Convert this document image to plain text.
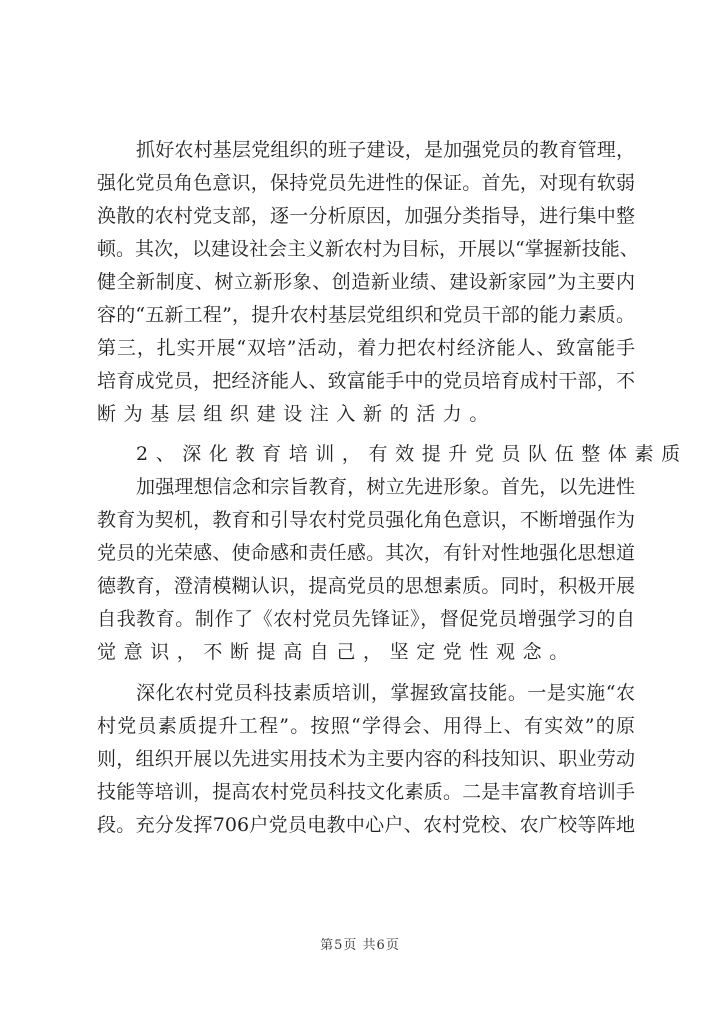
抓好农村基层党组织的班子建设，是加强党员的教育管理，
强化党员角色意识，保持党员先进性的保证。首先，对现有软弱
涣散的农村党支部，逐一分析原因，加强分类指导，进行集中整
顿。其次，以建设社会主义新农村为目标，开展以“掌握新技能、
健全新制度、树立新形象、创造新业绩、建设新家园”为主要内
容的“五新工程”，提升农村基层党组织和党员干部的能力素质。
第三，扎实开展“双培”活动，着力把农村经济能人、致富能手
培育成党员，把经济能人、致富能手中的党员培育成村干部，不
断为基层组织建设注入新的活力。
2、深化教育培训，有效提升党员队伍整体素质
加强理想信念和宗旨教育，树立先进形象。首先，以先进性
教育为契机，教育和引导农村党员强化角色意识，不断增强作为
党员的光荣感、使命感和责任感。其次，有针对性地强化思想道
德教育，澄清模糊认识，提高党员的思想素质。同时，积极开展
自我教育。制作了《农村党员先锋证》，督促党员增强学习的自
觉意识，不断提高自己，坚定党性观念。
深化农村党员科技素质培训，掌握致富技能。一是实施“农
村党员素质提升工程”。按照“学得会、用得上、有实效”的原
则，组织开展以先进实用技术为主要内容的科技知识、职业劳动
技能等培训，提高农村党员科技文化素质。二是丰富教育培训手
段。充分发挥706户党员电教中心户、农村党校、农广校等阵地
第5页 共6页
